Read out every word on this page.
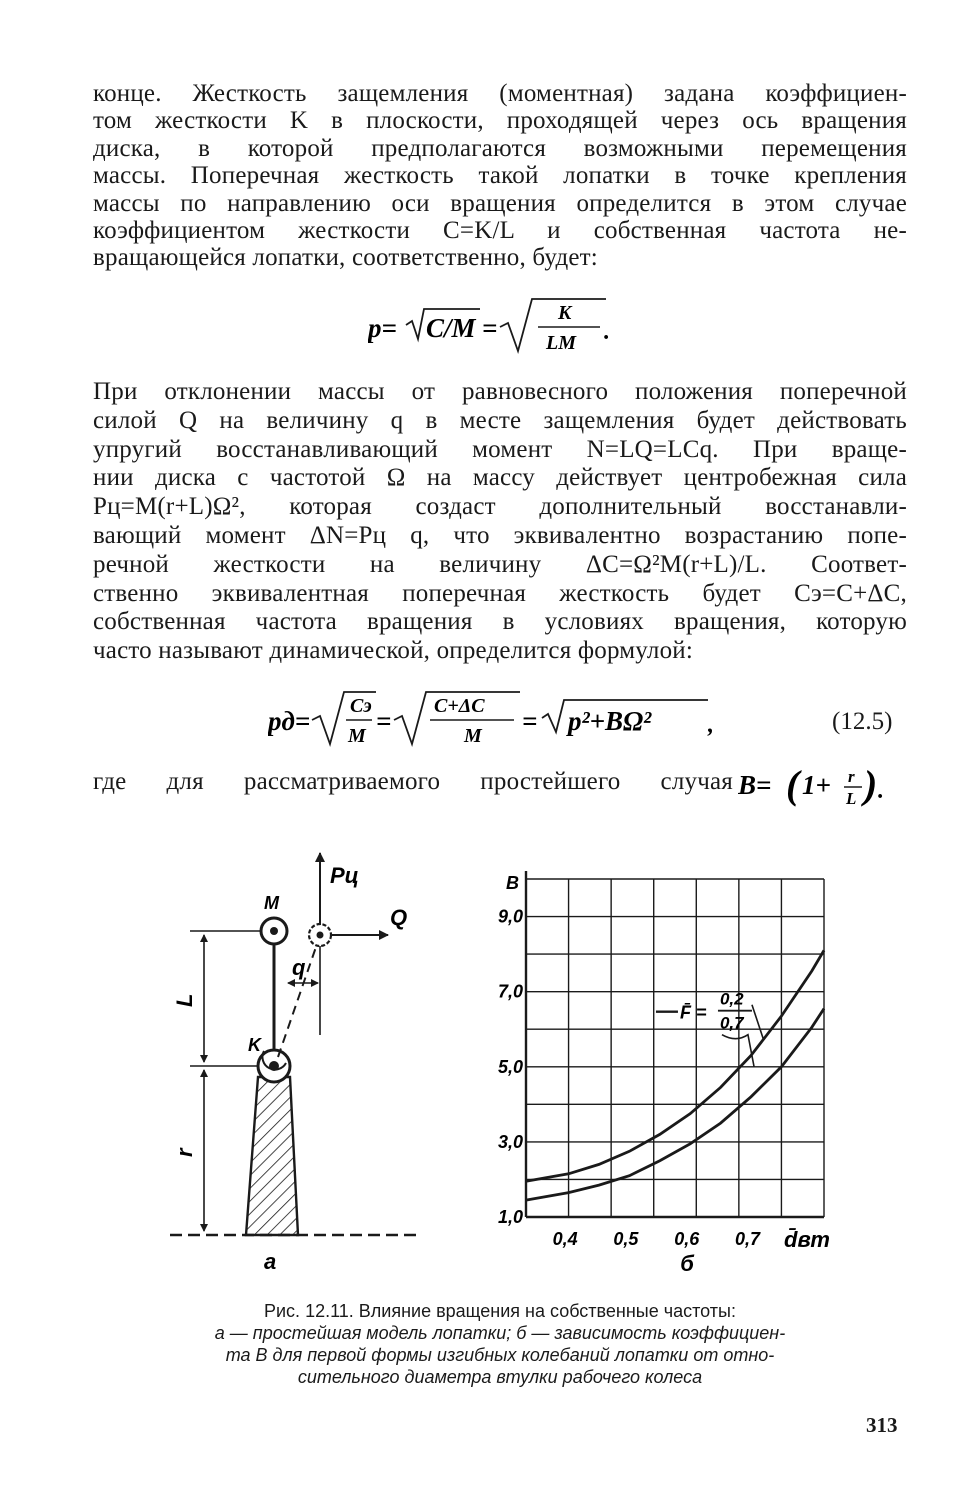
конце. Жесткость защемления (моментная) задана коэффициен-
том жесткости K в плоскости, проходящей через ось вращения
диска, в которой предполагаются возможными перемещения
массы. Поперечная жесткость такой лопатки в точке крепления
массы по направлению оси вращения определится в этом случае
коэффициентом жесткости C=K/L и собственная частота не-
вращающейся лопатки, соответственно, будет:
p= C/M =	K
LM .
При отклонении массы от равновесного положения поперечной
силой Q на величину q в месте защемления будет действовать
упругий восстанавливающий момент N=LQ=LCq. При враще-
нии диска с частотой Ω на массу действует центробежная сила
Pц=M(r+L)Ω², которая создаст дополнительный восстанавли-
вающий момент ΔN=Pц q, что эквивалентно возрастанию попе-
речной жесткости на величину ΔC=Ω²M(r+L)/L. Соответ-
ственно эквивалентная поперечная жесткость будет Cэ=C+ΔC,
собственная частота вращения в условиях вращения, которую
часто называют динамической, определится формулой:
pд= Cэ
M = C+ΔC
M = p²+BΩ² ,	(12.5)
где для рассматриваемого простейшего случая B= ( 1+ r
L ) .
Pц
M
Q
q
L
K
r
а
1,0
3,0
5,0
7,0
9,0
0,4 0,5 0,6 0,7
B
d̄вт
б
F̄ =
0,2
0,7
Рис. 12.11. Влияние вращения на собственные частоты:
а — простейшая модель лопатки; б — зависимость коэффициен-
та B для первой формы изгибных колебаний лопатки от отно-
сительного диаметра втулки рабочего колеса
313
